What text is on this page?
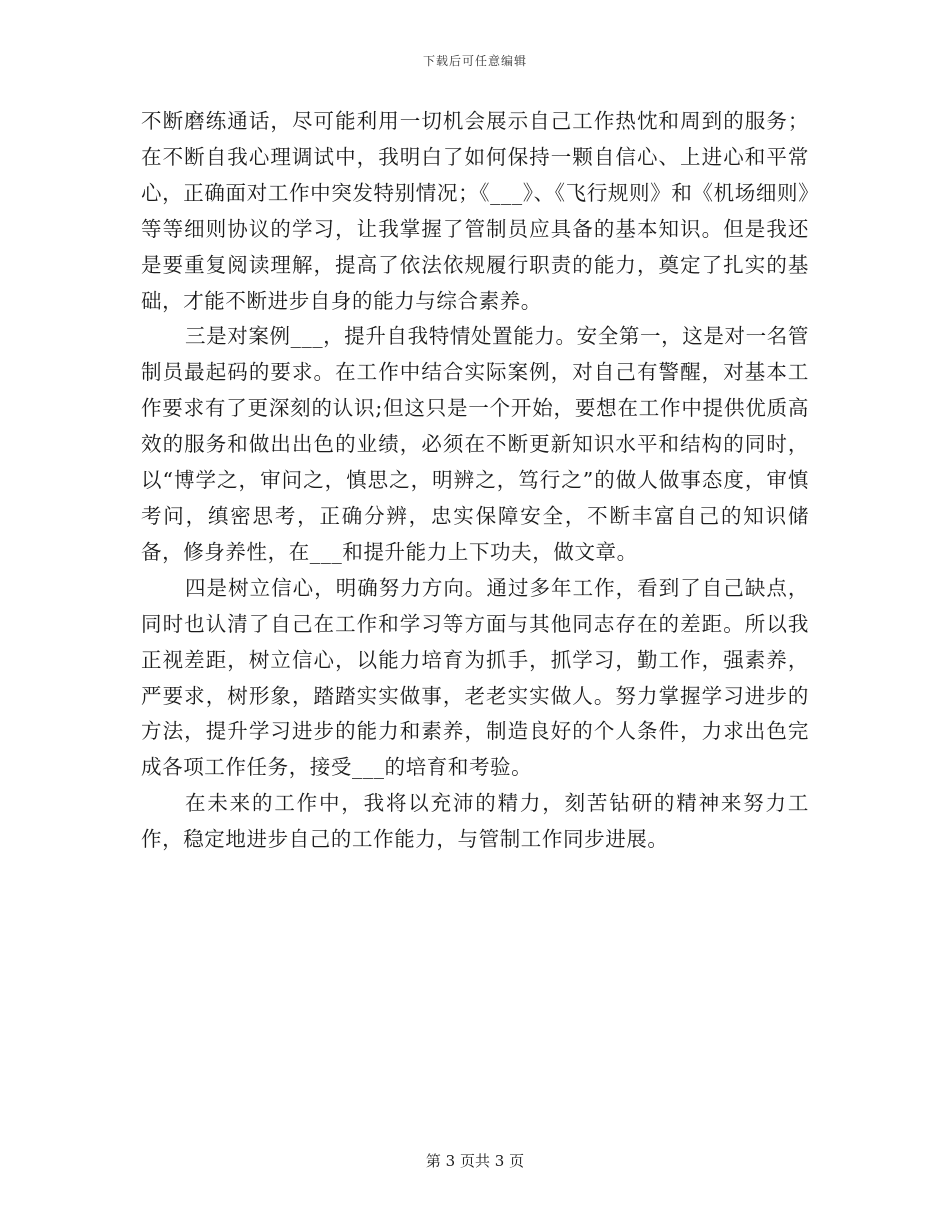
下载后可任意编辑

不断磨练通话，尽可能利用一切机会展示自己工作热忱和周到的服务；在不断自我心理调试中，我明白了如何保持一颗自信心、上进心和平常心，正确面对工作中突发特别情况；《___》、《飞行规则》和《机场细则》等等细则协议的学习，让我掌握了管制员应具备的基本知识。但是我还是要重复阅读理解，提高了依法依规履行职责的能力，奠定了扎实的基础，才能不断进步自身的能力与综合素养。

三是对案例___，提升自我特情处置能力。安全第一，这是对一名管制员最起码的要求。在工作中结合实际案例，对自己有警醒，对基本工作要求有了更深刻的认识;但这只是一个开始，要想在工作中提供优质高效的服务和做出出色的业绩，必须在不断更新知识水平和结构的同时，以“博学之，审问之，慎思之，明辨之，笃行之”的做人做事态度，审慎考问，缜密思考，正确分辨，忠实保障安全，不断丰富自己的知识储备，修身养性，在___和提升能力上下功夫，做文章。

四是树立信心，明确努力方向。通过多年工作，看到了自己缺点，同时也认清了自己在工作和学习等方面与其他同志存在的差距。所以我正视差距，树立信心，以能力培育为抓手，抓学习，勤工作，强素养，严要求，树形象，踏踏实实做事，老老实实做人。努力掌握学习进步的方法，提升学习进步的能力和素养，制造良好的个人条件，力求出色完成各项工作任务，接受___的培育和考验。

在未来的工作中，我将以充沛的精力，刻苦钻研的精神来努力工作，稳定地进步自己的工作能力，与管制工作同步进展。

第 3 页共 3 页
